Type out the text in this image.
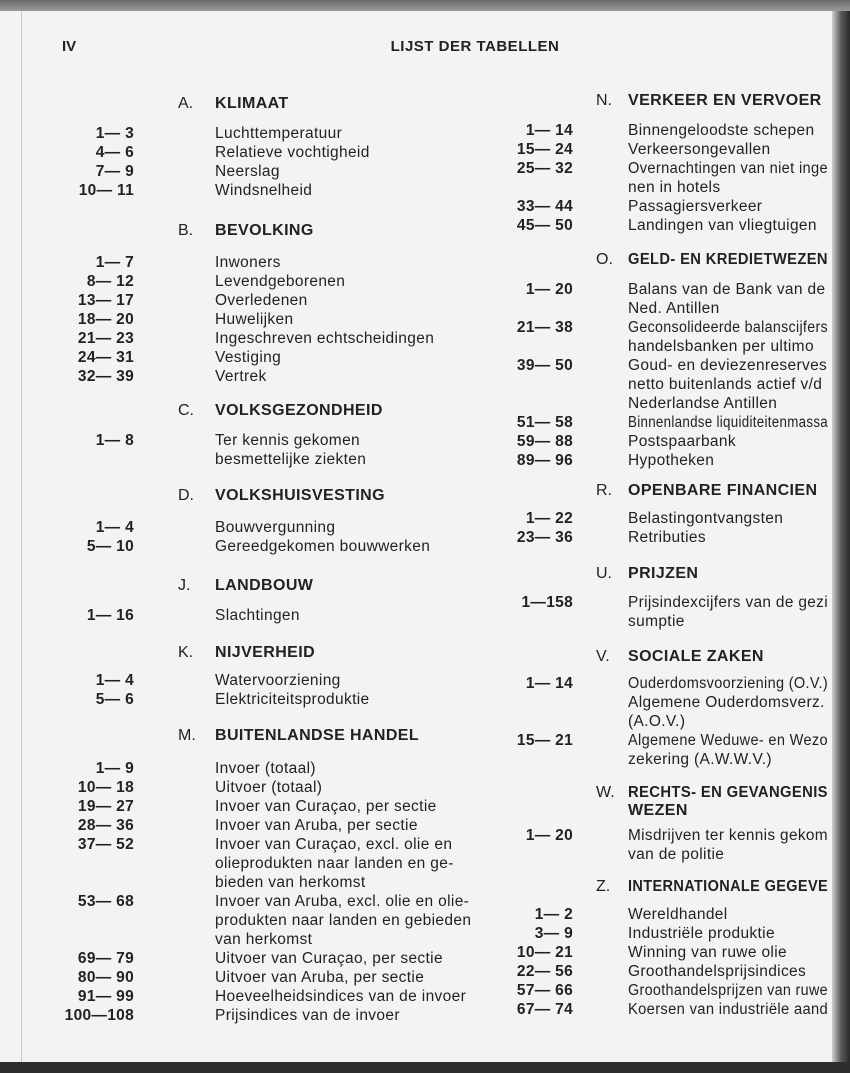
IV	LIJST DER TABELLEN
A. KLIMAAT
1— 3	Luchttemperatuur
4— 6	Relatieve vochtigheid
7— 9	Neerslag
10— 11	Windsnelheid
B. BEVOLKING
1— 7	Inwoners
8— 12	Levendgeborenen
13— 17	Overledenen
18— 20	Huwelijken
21— 23	Ingeschreven echtscheidingen
24— 31	Vestiging
32— 39	Vertrek
C. VOLKSGEZONDHEID
1— 8	Ter kennis gekomen
besmettelijke ziekten
D. VOLKSHUISVESTING
1— 4	Bouwvergunning
5— 10	Gereedgekomen bouwwerken
J. LANDBOUW
1— 16	Slachtingen
K. NIJVERHEID
1— 4	Watervoorziening
5— 6	Elektriciteitsproduktie
M. BUITENLANDSE HANDEL
1— 9	Invoer (totaal)
10— 18	Uitvoer (totaal)
19— 27	Invoer van Curaçao, per sectie
28— 36	Invoer van Aruba, per sectie
37— 52	Invoer van Curaçao, excl. olie en
olieprodukten naar landen en ge-
bieden van herkomst
53— 68	Invoer van Aruba, excl. olie en olie-
produkten naar landen en gebieden
van herkomst
69— 79	Uitvoer van Curaçao, per sectie
80— 90	Uitvoer van Aruba, per sectie
91— 99	Hoeveelheidsindices van de invoer
100—108	Prijsindices van de invoer
N. VERKEER EN VERVOER
1— 14	Binnengeloodste schepen
15— 24	Verkeersongevallen
25— 32	Overnachtingen van niet inge
nen in hotels
33— 44	Passagiersverkeer
45— 50	Landingen van vliegtuigen
O. GELD- EN KREDIETWEZEN
1— 20	Balans van de Bank van de
Ned. Antillen
21— 38	Geconsolideerde balanscijfers
handelsbanken per ultimo
39— 50	Goud- en deviezenreserves
netto buitenlands actief v/d
Nederlandse Antillen
51— 58	Binnenlandse liquiditeitenmassa
59— 88	Postspaarbank
89— 96	Hypotheken
R. OPENBARE FINANCIEN
1— 22	Belastingontvangsten
23— 36	Retributies
U. PRIJZEN
1—158	Prijsindexcijfers van de gezi
sumptie
V. SOCIALE ZAKEN
1— 14	Ouderdomsvoorziening (O.V.)
Algemene Ouderdomsverz.
(A.O.V.)
15— 21	Algemene Weduwe- en Wezo
zekering (A.W.W.V.)
W. RECHTS- EN GEVANGENIS
WEZEN
1— 20	Misdrijven ter kennis gekom
van de politie
Z. INTERNATIONALE GEGEVE
1— 2	Wereldhandel
3— 9	Industriële produktie
10— 21	Winning van ruwe olie
22— 56	Groothandelsprijsindices
57— 66	Groothandelsprijzen van ruwe
67— 74	Koersen van industriële aand
